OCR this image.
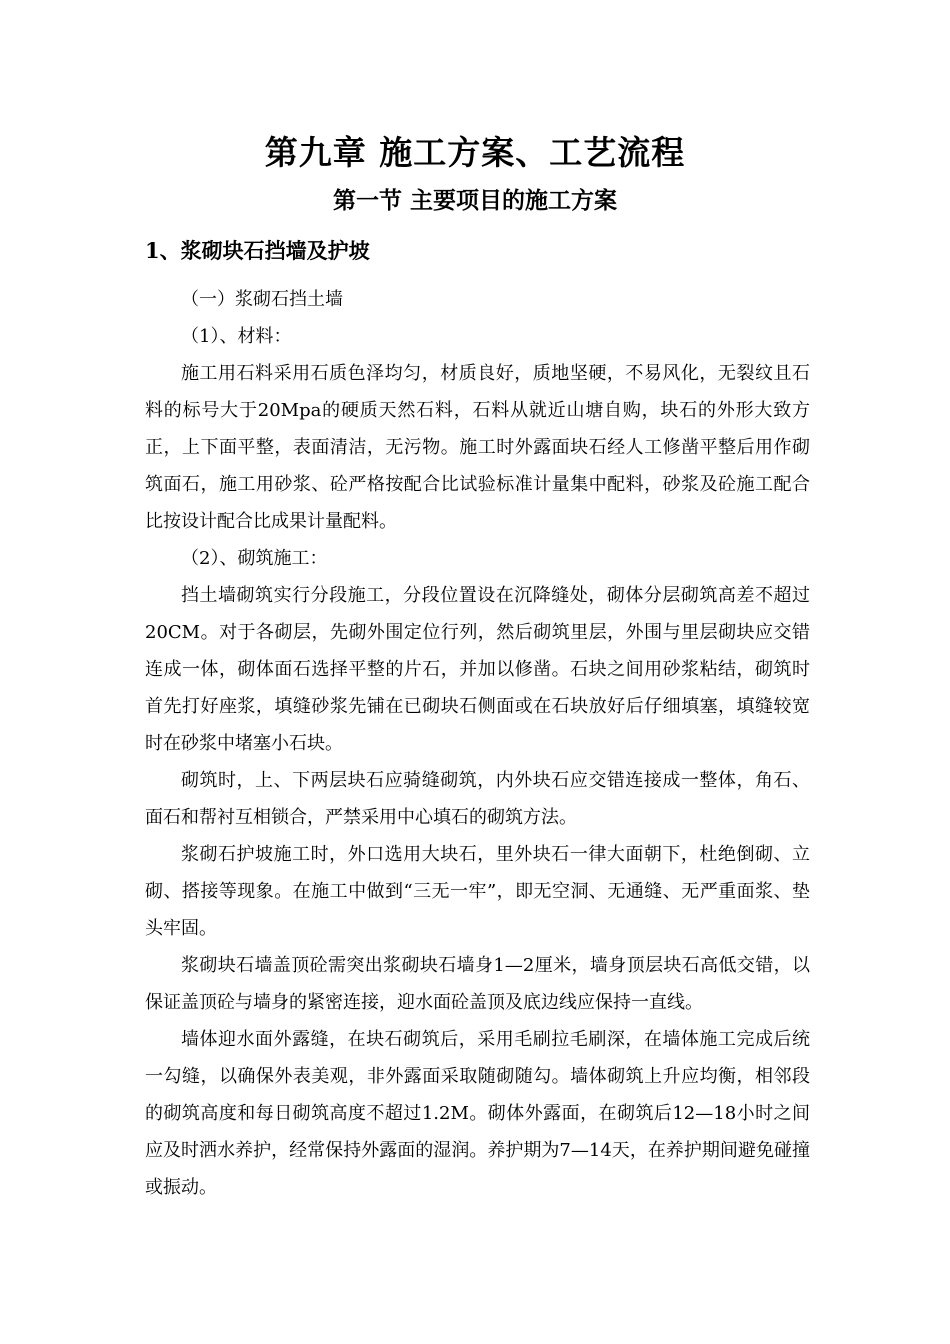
第九章 施工方案、工艺流程
第一节 主要项目的施工方案
1、浆砌块石挡墙及护坡

（一）浆砌石挡土墙

（1）、材料：

施工用石料采用石质色泽均匀，材质良好，质地坚硬，不易风化，无裂纹且石料的标号大于20Mpa的硬质天然石料，石料从就近山塘自购，块石的外形大致方正，上下面平整，表面清洁，无污物。施工时外露面块石经人工修凿平整后用作砌筑面石，施工用砂浆、砼严格按配合比试验标准计量集中配料，砂浆及砼施工配合比按设计配合比成果计量配料。

（2）、砌筑施工：

挡土墙砌筑实行分段施工，分段位置设在沉降缝处，砌体分层砌筑高差不超过20CM。对于各砌层，先砌外围定位行列，然后砌筑里层，外围与里层砌块应交错连成一体，砌体面石选择平整的片石，并加以修凿。石块之间用砂浆粘结，砌筑时首先打好座浆，填缝砂浆先铺在已砌块石侧面或在石块放好后仔细填塞，填缝较宽时在砂浆中堵塞小石块。

砌筑时，上、下两层块石应骑缝砌筑，内外块石应交错连接成一整体，角石、面石和帮衬互相锁合，严禁采用中心填石的砌筑方法。

浆砌石护坡施工时，外口选用大块石，里外块石一律大面朝下，杜绝倒砌、立砌、搭接等现象。在施工中做到“三无一牢”，即无空洞、无通缝、无严重面浆、垫头牢固。

浆砌块石墙盖顶砼需突出浆砌块石墙身1—2厘米，墙身顶层块石高低交错，以保证盖顶砼与墙身的紧密连接，迎水面砼盖顶及底边线应保持一直线。

墙体迎水面外露缝，在块石砌筑后，采用毛刷拉毛刷深，在墙体施工完成后统一勾缝，以确保外表美观，非外露面采取随砌随勾。墙体砌筑上升应均衡，相邻段的砌筑高度和每日砌筑高度不超过1.2M。砌体外露面，在砌筑后12—18小时之间应及时洒水养护，经常保持外露面的湿润。养护期为7—14天，在养护期间避免碰撞或振动。
